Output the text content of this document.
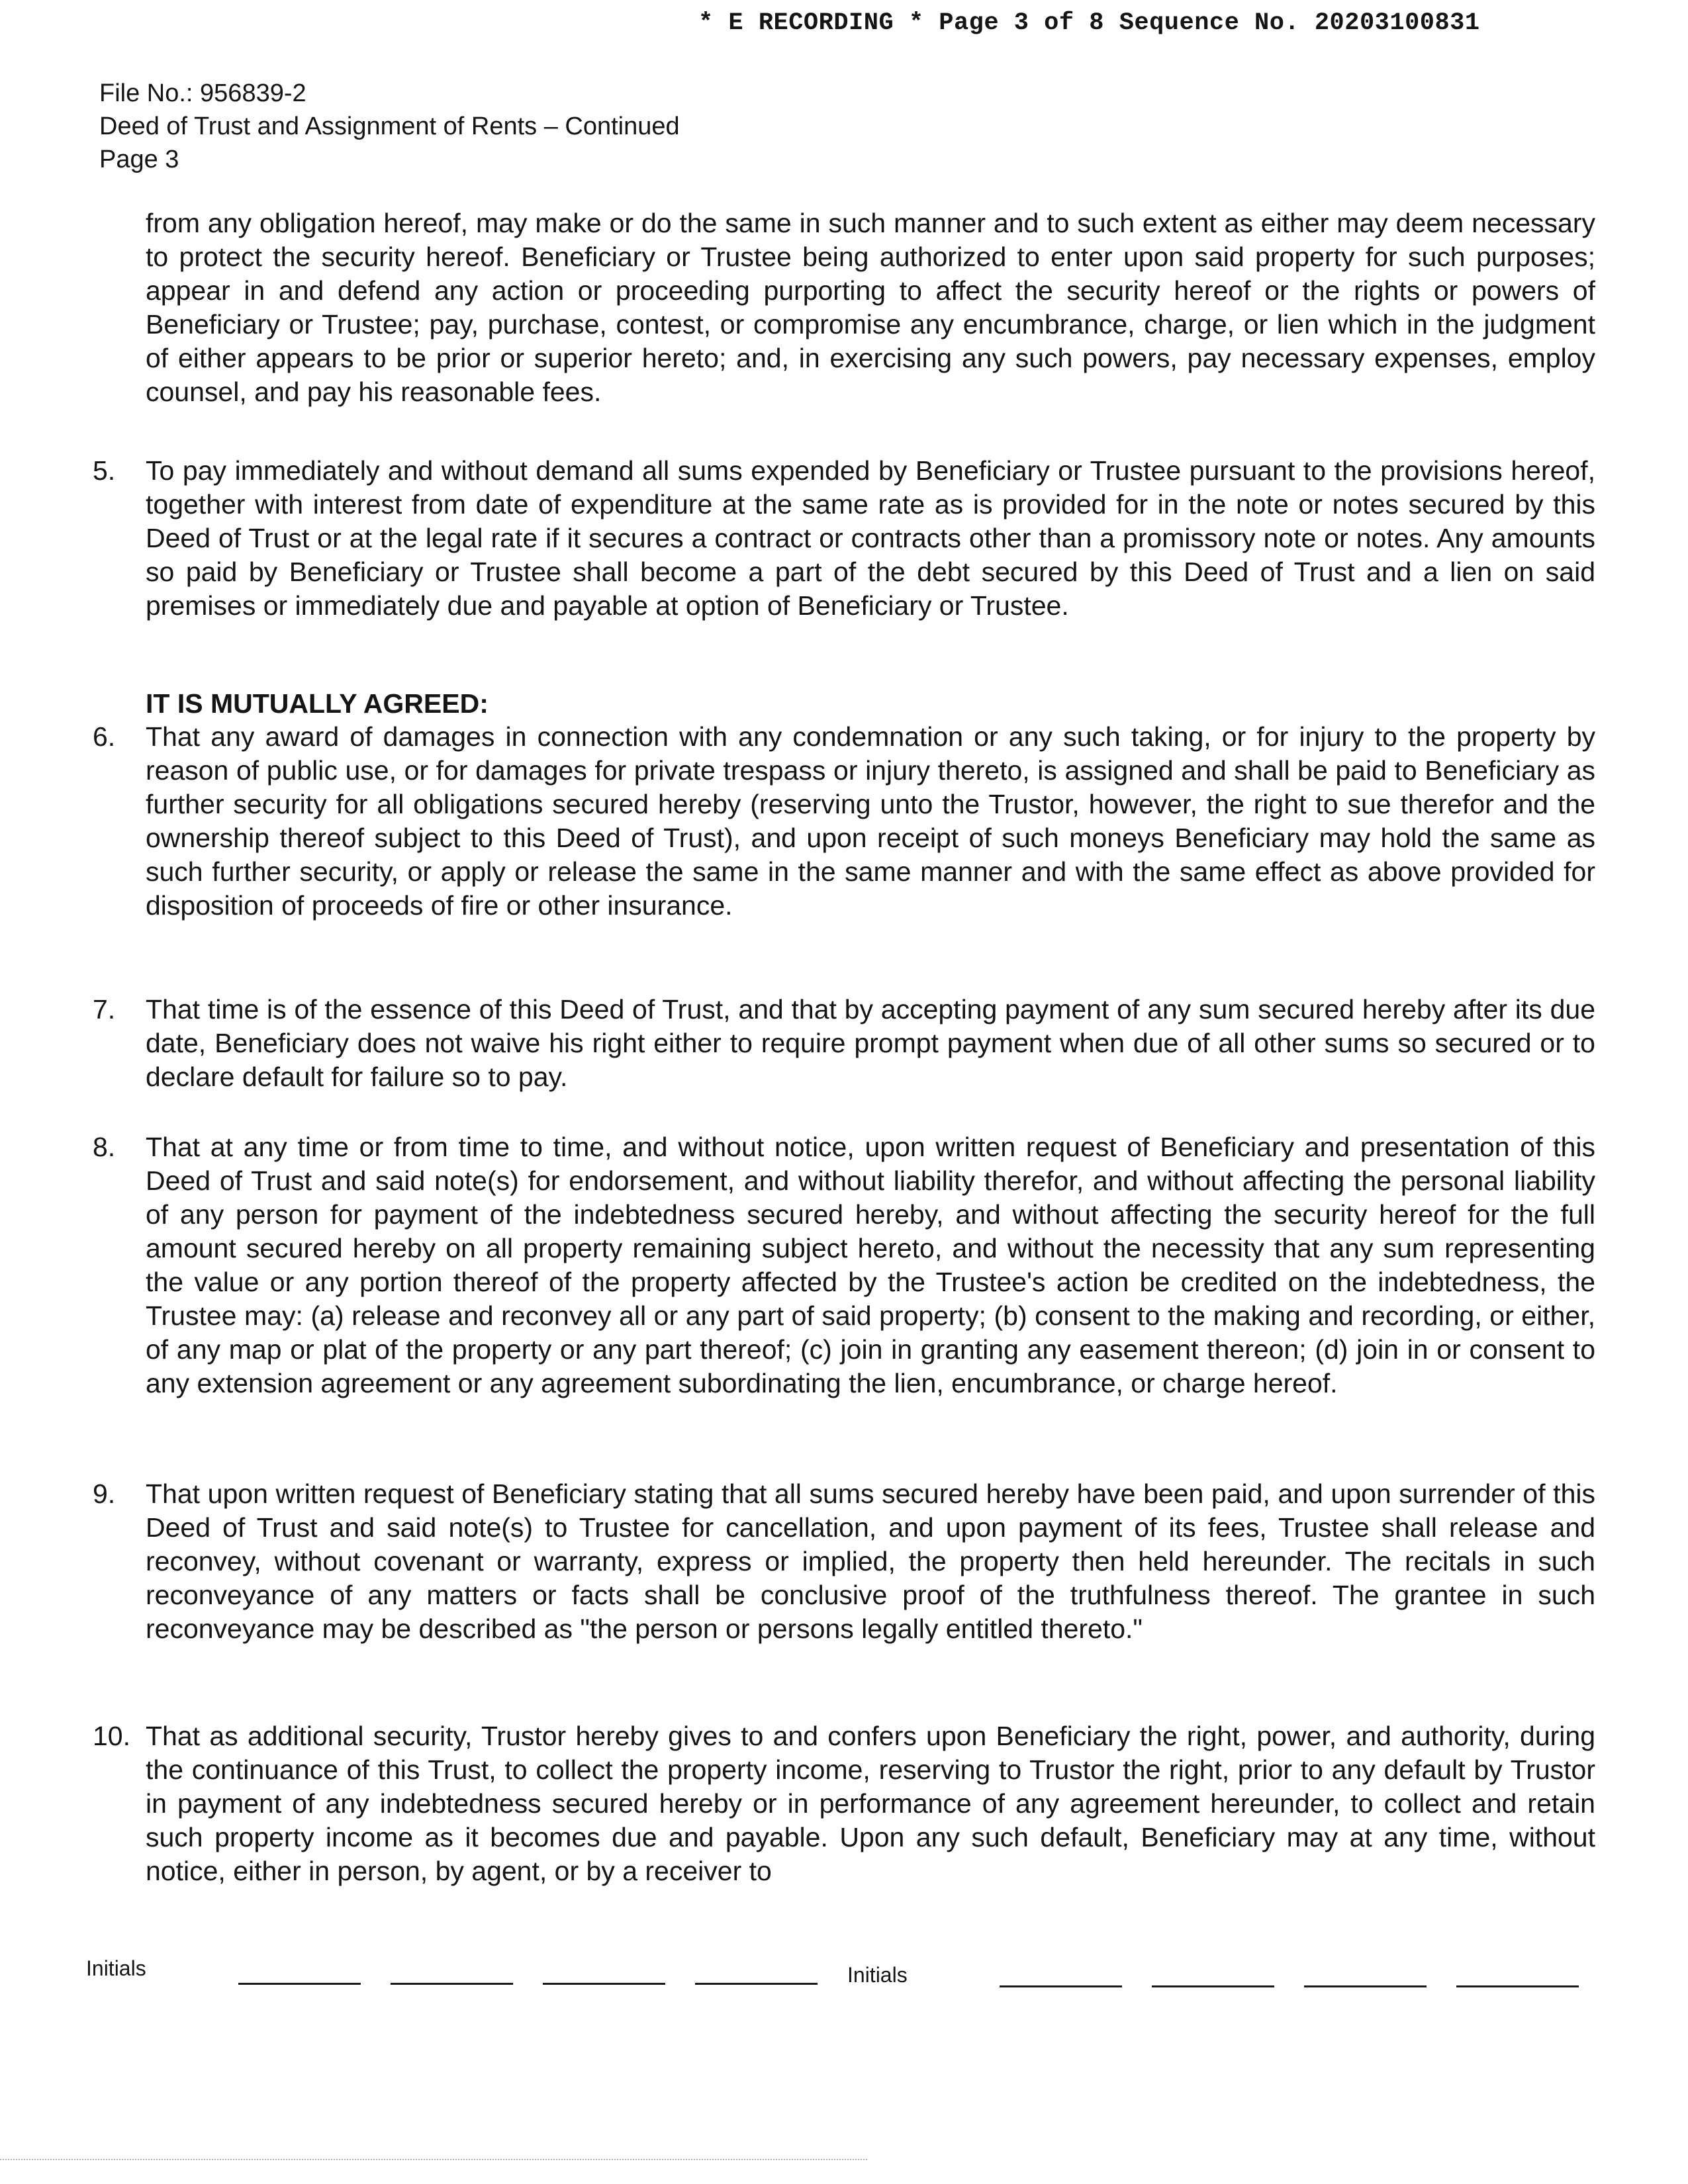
* E RECORDING * Page 3 of 8 Sequence No. 20203100831
File No.: 956839-2
Deed of Trust and Assignment of Rents – Continued
Page 3
from any obligation hereof, may make or do the same in such manner and to such extent as either may deem necessary to protect the security hereof. Beneficiary or Trustee being authorized to enter upon said property for such purposes; appear in and defend any action or proceeding purporting to affect the security hereof or the rights or powers of Beneficiary or Trustee; pay, purchase, contest, or compromise any encumbrance, charge, or lien which in the judgment of either appears to be prior or superior hereto; and, in exercising any such powers, pay necessary expenses, employ counsel, and pay his reasonable fees.
5. To pay immediately and without demand all sums expended by Beneficiary or Trustee pursuant to the provisions hereof, together with interest from date of expenditure at the same rate as is provided for in the note or notes secured by this Deed of Trust or at the legal rate if it secures a contract or contracts other than a promissory note or notes. Any amounts so paid by Beneficiary or Trustee shall become a part of the debt secured by this Deed of Trust and a lien on said premises or immediately due and payable at option of Beneficiary or Trustee.
IT IS MUTUALLY AGREED:
6. That any award of damages in connection with any condemnation or any such taking, or for injury to the property by reason of public use, or for damages for private trespass or injury thereto, is assigned and shall be paid to Beneficiary as further security for all obligations secured hereby (reserving unto the Trustor, however, the right to sue therefor and the ownership thereof subject to this Deed of Trust), and upon receipt of such moneys Beneficiary may hold the same as such further security, or apply or release the same in the same manner and with the same effect as above provided for disposition of proceeds of fire or other insurance.
7. That time is of the essence of this Deed of Trust, and that by accepting payment of any sum secured hereby after its due date, Beneficiary does not waive his right either to require prompt payment when due of all other sums so secured or to declare default for failure so to pay.
8. That at any time or from time to time, and without notice, upon written request of Beneficiary and presentation of this Deed of Trust and said note(s) for endorsement, and without liability therefor, and without affecting the personal liability of any person for payment of the indebtedness secured hereby, and without affecting the security hereof for the full amount secured hereby on all property remaining subject hereto, and without the necessity that any sum representing the value or any portion thereof of the property affected by the Trustee's action be credited on the indebtedness, the Trustee may: (a) release and reconvey all or any part of said property; (b) consent to the making and recording, or either, of any map or plat of the property or any part thereof; (c) join in granting any easement thereon; (d) join in or consent to any extension agreement or any agreement subordinating the lien, encumbrance, or charge hereof.
9. That upon written request of Beneficiary stating that all sums secured hereby have been paid, and upon surrender of this Deed of Trust and said note(s) to Trustee for cancellation, and upon payment of its fees, Trustee shall release and reconvey, without covenant or warranty, express or implied, the property then held hereunder. The recitals in such reconveyance of any matters or facts shall be conclusive proof of the truthfulness thereof. The grantee in such reconveyance may be described as "the person or persons legally entitled thereto."
10. That as additional security, Trustor hereby gives to and confers upon Beneficiary the right, power, and authority, during the continuance of this Trust, to collect the property income, reserving to Trustor the right, prior to any default by Trustor in payment of any indebtedness secured hereby or in performance of any agreement hereunder, to collect and retain such property income as it becomes due and payable. Upon any such default, Beneficiary may at any time, without notice, either in person, by agent, or by a receiver to
Initials	Initials
